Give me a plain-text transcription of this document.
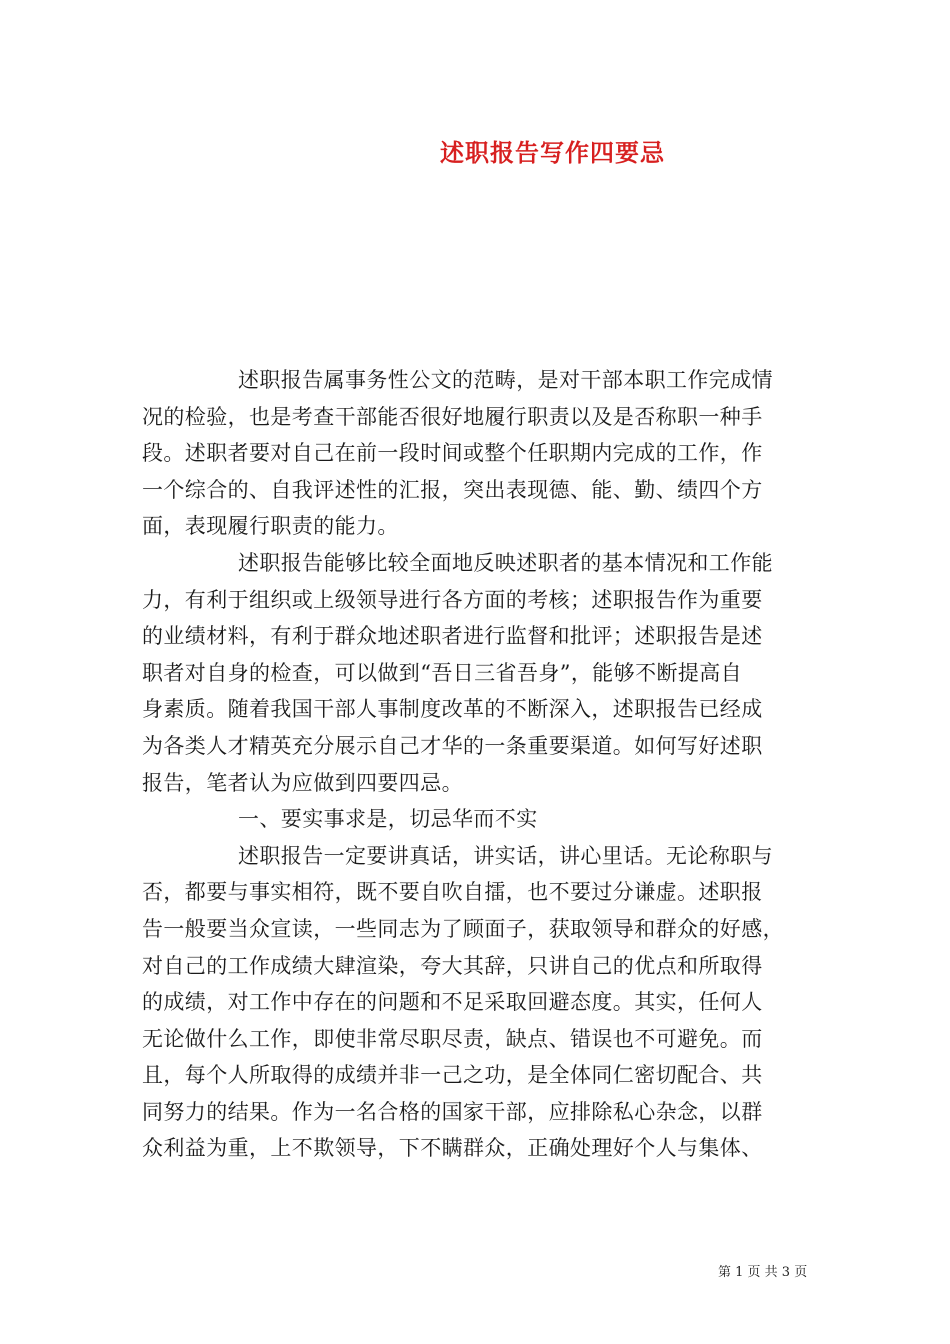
述职报告写作四要忌
述职报告属事务性公文的范畴，是对干部本职工作完成情
况的检验，也是考查干部能否很好地履行职责以及是否称职一种手
段。述职者要对自己在前一段时间或整个任职期内完成的工作，作
一个综合的、自我评述性的汇报，突出表现德、能、勤、绩四个方
面，表现履行职责的能力。
述职报告能够比较全面地反映述职者的基本情况和工作能
力，有利于组织或上级领导进行各方面的考核；述职报告作为重要
的业绩材料，有利于群众地述职者进行监督和批评；述职报告是述
职者对自身的检查，可以做到“吾日三省吾身”，能够不断提高自
身素质。随着我国干部人事制度改革的不断深入，述职报告已经成
为各类人才精英充分展示自己才华的一条重要渠道。如何写好述职
报告，笔者认为应做到四要四忌。
一、要实事求是，切忌华而不实
述职报告一定要讲真话，讲实话，讲心里话。无论称职与
否，都要与事实相符，既不要自吹自擂，也不要过分谦虚。述职报
告一般要当众宣读，一些同志为了顾面子，获取领导和群众的好感，
对自己的工作成绩大肆渲染，夸大其辞，只讲自己的优点和所取得
的成绩，对工作中存在的问题和不足采取回避态度。其实，任何人
无论做什么工作，即使非常尽职尽责，缺点、错误也不可避免。而
且，每个人所取得的成绩并非一己之功，是全体同仁密切配合、共
同努力的结果。作为一名合格的国家干部，应排除私心杂念，以群
众利益为重，上不欺领导，下不瞒群众，正确处理好个人与集体、
第 1 页 共 3 页
